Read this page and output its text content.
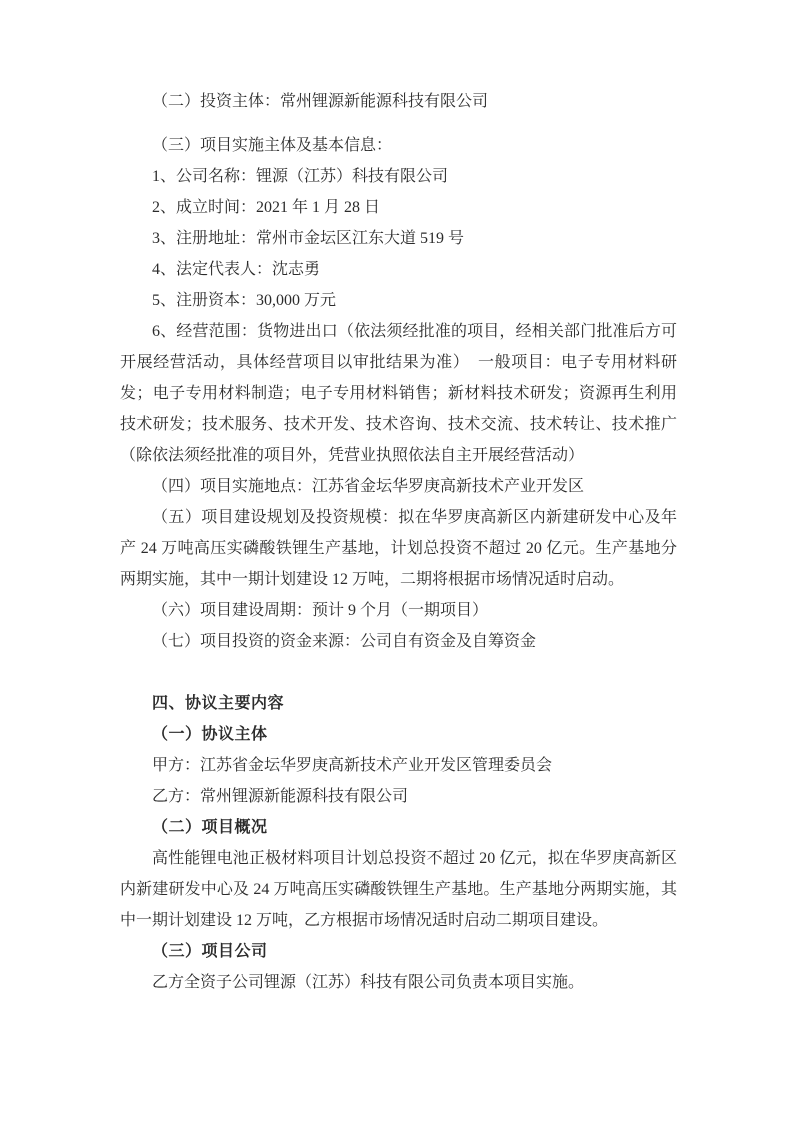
（二）投资主体：常州锂源新能源科技有限公司

（三）项目实施主体及基本信息：

1、公司名称：锂源（江苏）科技有限公司

2、成立时间：2021 年 1 月 28 日

3、注册地址：常州市金坛区江东大道 519 号

4、法定代表人：沈志勇

5、注册资本：30,000 万元

6、经营范围：货物进出口（依法须经批准的项目，经相关部门批准后方可开展经营活动，具体经营项目以审批结果为准）　一般项目：电子专用材料研发；电子专用材料制造；电子专用材料销售；新材料技术研发；资源再生利用技术研发；技术服务、技术开发、技术咨询、技术交流、技术转让、技术推广（除依法须经批准的项目外，凭营业执照依法自主开展经营活动）

（四）项目实施地点：江苏省金坛华罗庚高新技术产业开发区

（五）项目建设规划及投资规模：拟在华罗庚高新区内新建研发中心及年产 24 万吨高压实磷酸铁锂生产基地，计划总投资不超过 20 亿元。生产基地分两期实施，其中一期计划建设 12 万吨，二期将根据市场情况适时启动。

（六）项目建设周期：预计 9 个月（一期项目）

（七）项目投资的资金来源：公司自有资金及自筹资金

四、协议主要内容

（一）协议主体

甲方：江苏省金坛华罗庚高新技术产业开发区管理委员会

乙方：常州锂源新能源科技有限公司

（二）项目概况

高性能锂电池正极材料项目计划总投资不超过 20 亿元，拟在华罗庚高新区内新建研发中心及 24 万吨高压实磷酸铁锂生产基地。生产基地分两期实施，其中一期计划建设 12 万吨，乙方根据市场情况适时启动二期项目建设。

（三）项目公司

乙方全资子公司锂源（江苏）科技有限公司负责本项目实施。
